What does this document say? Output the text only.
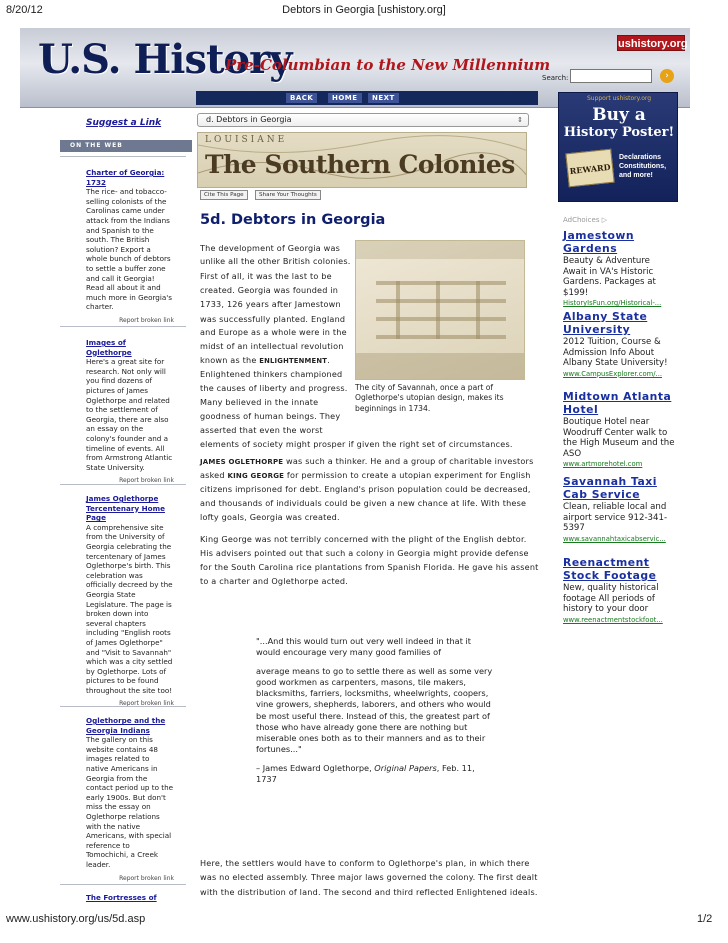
8/20/12	Debtors in Georgia [ushistory.org]
U.S. History
Pre-Columbian to the New Millennium
ushistory.org
Search:	›
BACK	HOME	NEXT	Support ushistory.org
Buy a
History Poster!
REWARD
Declarations Constitutions, and more!
Suggest a Link
ON THE WEB
Charter of Georgia: 1732
The rice- and tobacco-selling colonists of the Carolinas came under attack from the Indians and Spanish to the south. The British solution? Export a whole bunch of debtors to settle a buffer zone and call it Georgia! Read all about it and much more in Georgia's charter.
Report broken link
Images of Oglethorpe
Here's a great site for research. Not only will you find dozens of pictures of James Oglethorpe and related to the settlement of Georgia, there are also an essay on the colony's founder and a timeline of events. All from Armstrong Atlantic State University.
Report broken link
James Oglethorpe Tercentenary Home Page
A comprehensive site from the University of Georgia celebrating the tercentenary of James Oglethorpe's birth. This celebration was officially decreed by the Georgia State Legislature. The page is broken down into several chapters including "English roots of James Oglethorpe" and "Visit to Savannah" which was a city settled by Oglethorpe. Lots of pictures to be found throughout the site too!
Report broken link
Oglethorpe and the Georgia Indians
The gallery on this website contains 48 images related to native Americans in Georgia from the contact period up to the early 1900s. But don't miss the essay on Oglethorpe relations with the native Americans, with special reference to Tomochichi, a Creek leader.
Report broken link
The Fortresses of
d. Debtors in Georgia	⇕
LOUISIANE
The Southern Colonies
Cite This Page	Share Your Thoughts
5d. Debtors in Georgia
The development of Georgia was
unlike all the other British colonies.
First of all, it was the last to be
created. Georgia was founded in
1733, 126 years after Jamestown
was successfully planted. England
and Europe as a whole were in the
midst of an intellectual revolution
known as the ENLIGHTENMENT.
Enlightened thinkers championed
the causes of liberty and progress.
Many believed in the innate
goodness of human beings. They
asserted that even the worst
elements of society might prosper if given the right set of circumstances.
The city of Savannah, once a part of Oglethorpe's utopian design, makes its beginnings in 1734.
JAMES OGLETHORPE was such a thinker. He and a group of charitable investors
asked KING GEORGE for permission to create a utopian experiment for English
citizens imprisoned for debt. England's prison population could be decreased,
and thousands of individuals could be given a new chance at life. With these
lofty goals, Georgia was created.
King George was not terribly concerned with the plight of the English debtor.
His advisers pointed out that such a colony in Georgia might provide defense
for the South Carolina rice plantations from Spanish Florida. He gave his assent
to a charter and Oglethorpe acted.

"...And this would turn out very well indeed in that it would encourage very many good families of

average means to go to settle there as well as some very good workmen as carpenters, masons, tile makers, blacksmiths, farriers, locksmiths, wheelwrights, coopers, vine growers, shepherds, laborers, and others who would be most useful there. Instead of this, the greatest part of those who have already gone there are nothing but miserable ones both as to their manners and as to their fortunes..."

– James Edward Oglethorpe, Original Papers, Feb. 11, 1737

Here, the settlers would have to conform to Oglethorpe's plan, in which there
was no elected assembly. Three major laws governed the colony. The first dealt
with the distribution of land. The second and third reflected Enlightened ideals.
AdChoices ▷
Jamestown Gardens
Beauty & Adventure Await in VA's Historic Gardens. Packages at $199!
HistoryIsFun.org/Historical-...
Albany State University
2012 Tuition, Course & Admission Info About Albany State University!
www.CampusExplorer.com/...
Midtown Atlanta Hotel
Boutique Hotel near Woodruff Center walk to the High Museum and the ASO
www.artmorehotel.com
Savannah Taxi Cab Service
Clean, reliable local and airport service 912-341-5397
www.savannahtaxicabservic...
Reenactment Stock Footage
New, quality historical footage All periods of history to your door
www.reenactmentstockfoot...
www.ushistory.org/us/5d.asp	1/2
